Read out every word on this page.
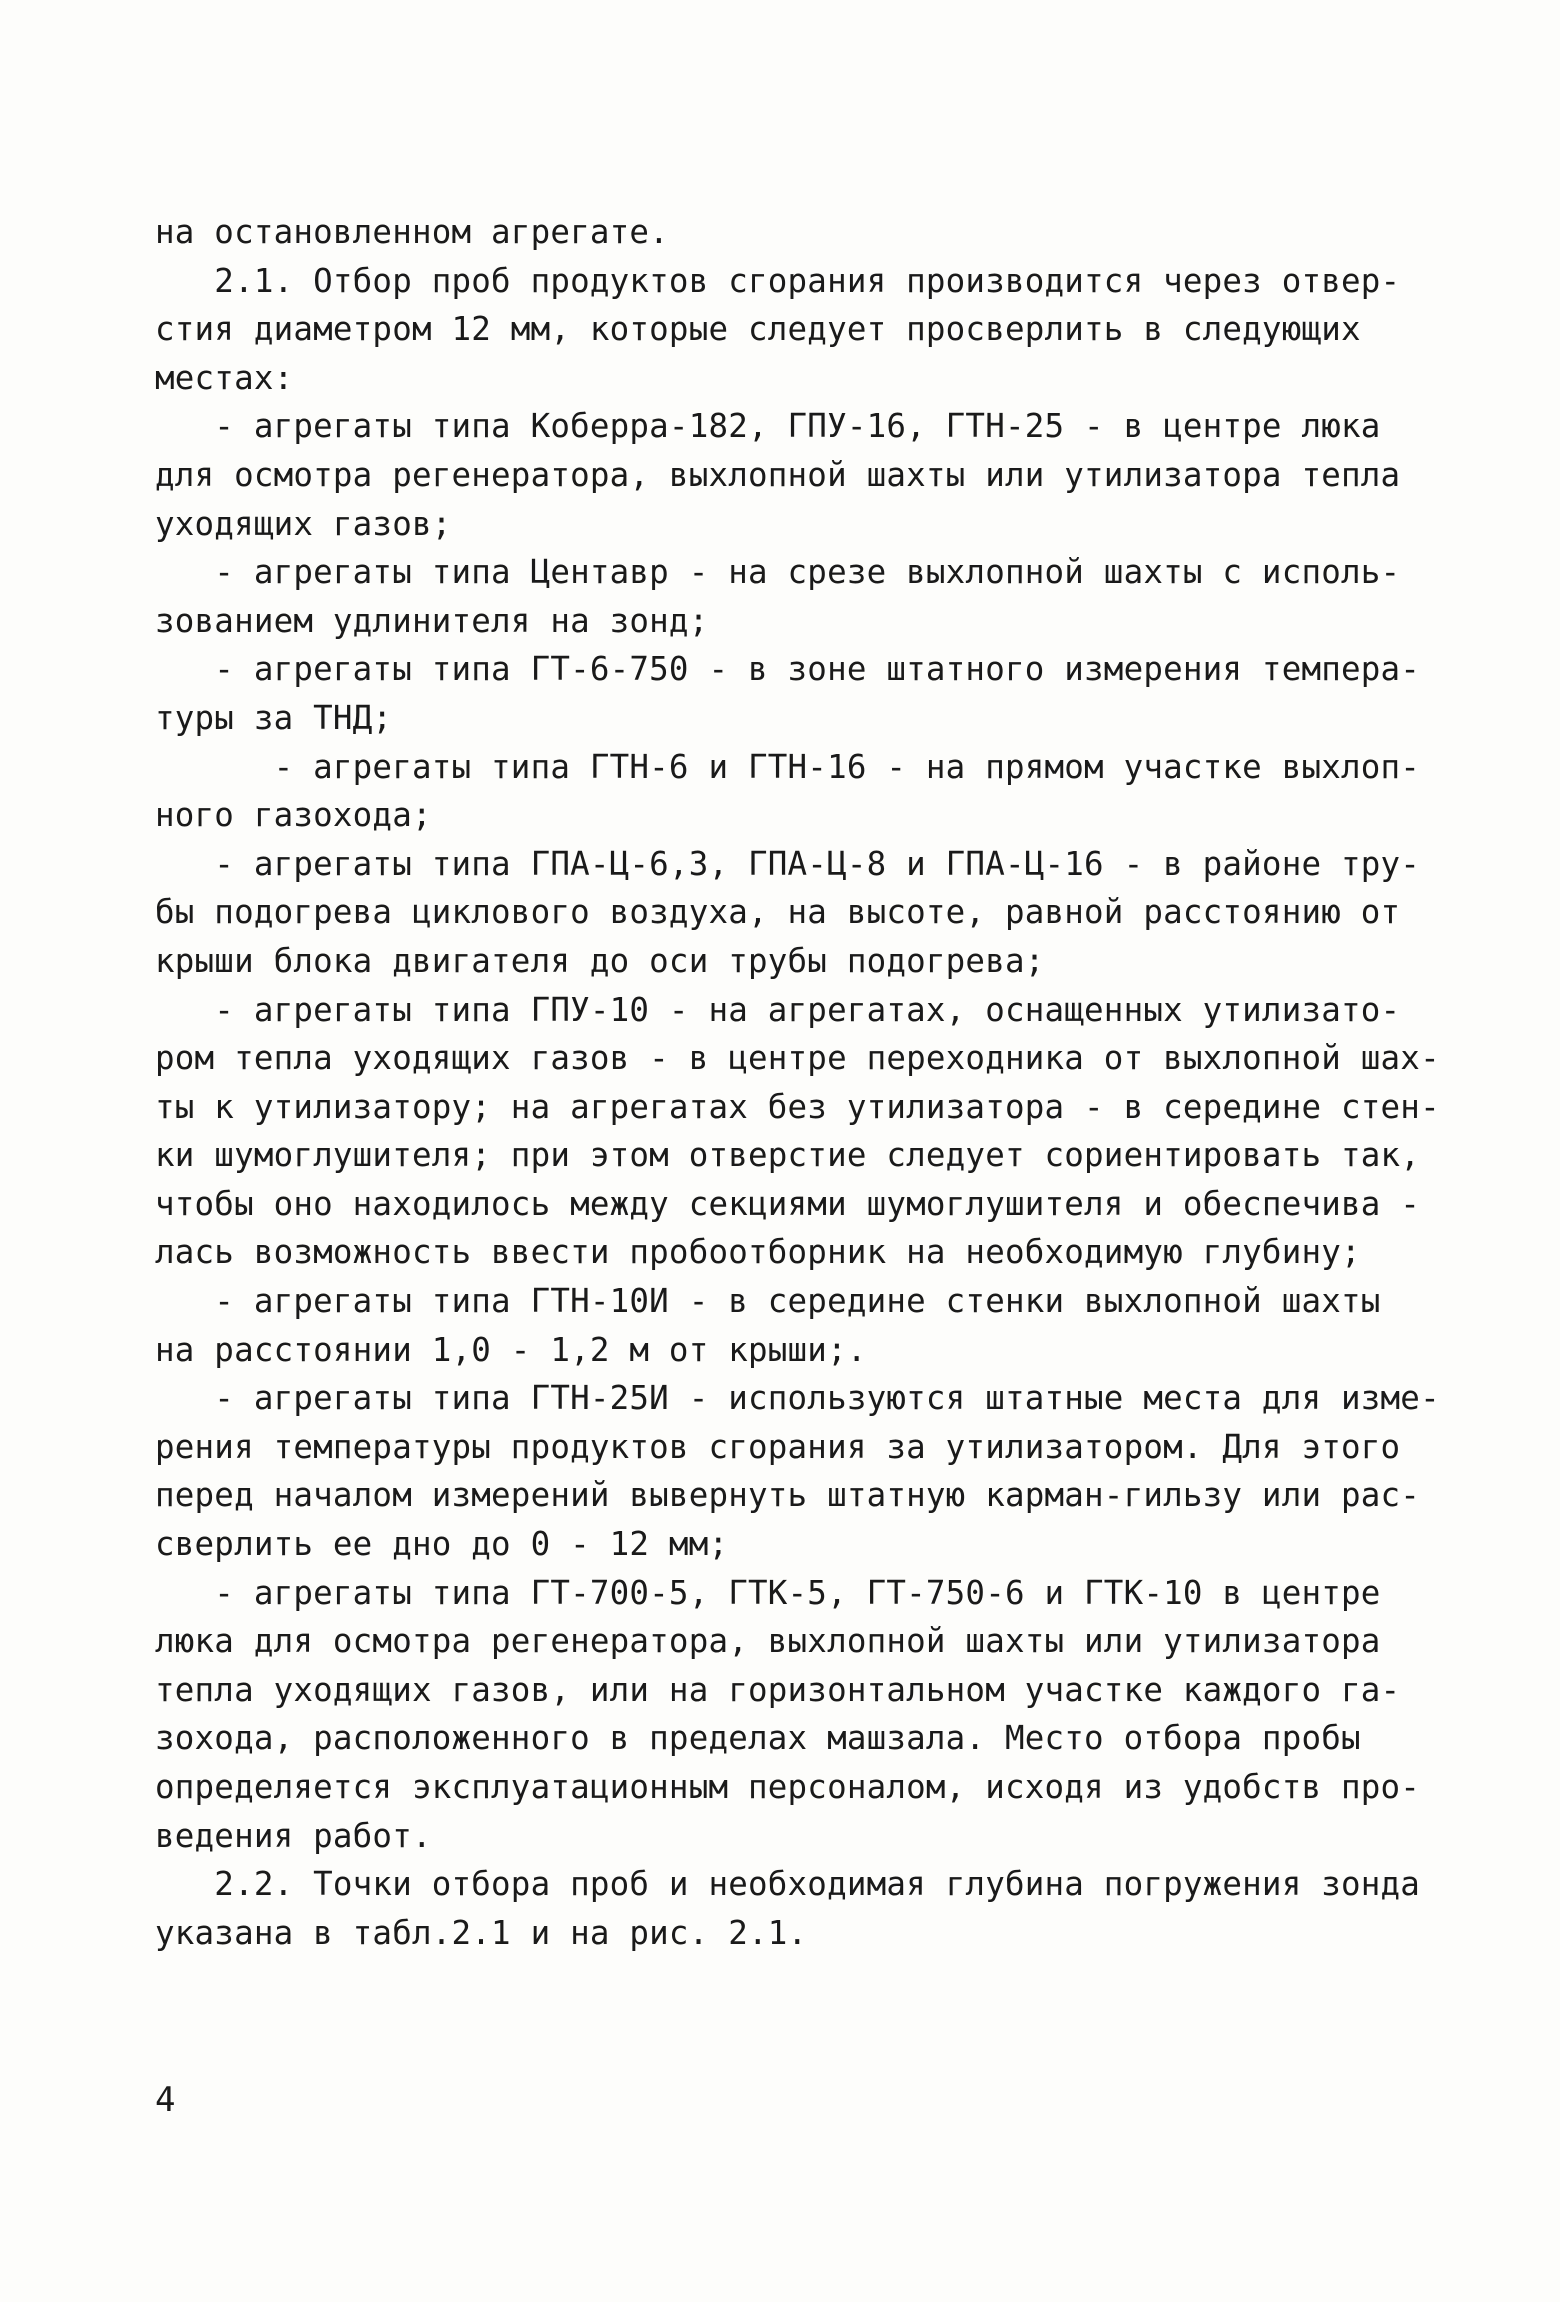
на остановленном агрегате.
2.1. Отбор проб продуктов сгорания производится через отвер-
стия диаметром 12 мм, которые следует просверлить в следующих
местах:
- агрегаты типа Коберра-182, ГПУ-16, ГТН-25 - в центре люка
для осмотра регенератора, выхлопной шахты или утилизатора тепла
уходящих газов;
- агрегаты типа Центавр - на срезе выхлопной шахты с исполь-
зованием удлинителя на зонд;
- агрегаты типа ГТ-6-750 - в зоне штатного измерения темпера-
туры за ТНД;
- агрегаты типа ГТН-6 и ГТН-16 - на прямом участке выхлоп-
ного газохода;
- агрегаты типа ГПА-Ц-6,3, ГПА-Ц-8 и ГПА-Ц-16 - в районе тру-
бы подогрева циклового воздуха, на высоте, равной расстоянию от
крыши блока двигателя до оси трубы подогрева;
- агрегаты типа ГПУ-10 - на агрегатах, оснащенных утилизато-
ром тепла уходящих газов - в центре переходника от выхлопной шах-
ты к утилизатору; на агрегатах без утилизатора - в середине стен-
ки шумоглушителя; при этом отверстие следует сориентировать так,
чтобы оно находилось между секциями шумоглушителя и обеспечива -
лась возможность ввести пробоотборник на необходимую глубину;
- агрегаты типа ГТН-10И - в середине стенки выхлопной шахты
на расстоянии 1,0 - 1,2 м от крыши;.
- агрегаты типа ГТН-25И - используются штатные места для изме-
рения температуры продуктов сгорания за утилизатором. Для этого
перед началом измерений вывернуть штатную карман-гильзу или рас-
сверлить ее дно до 0 - 12 мм;
- агрегаты типа ГТ-700-5, ГТК-5, ГТ-750-6 и ГТК-10 в центре
люка для осмотра регенератора, выхлопной шахты или утилизатора
тепла уходящих газов, или на горизонтальном участке каждого га-
зохода, расположенного в пределах машзала. Место отбора пробы
определяется эксплуатационным персоналом, исходя из удобств про-
ведения работ.
2.2. Точки отбора проб и необходимая глубина погружения зонда
указана в табл.2.1 и на рис. 2.1.
4
